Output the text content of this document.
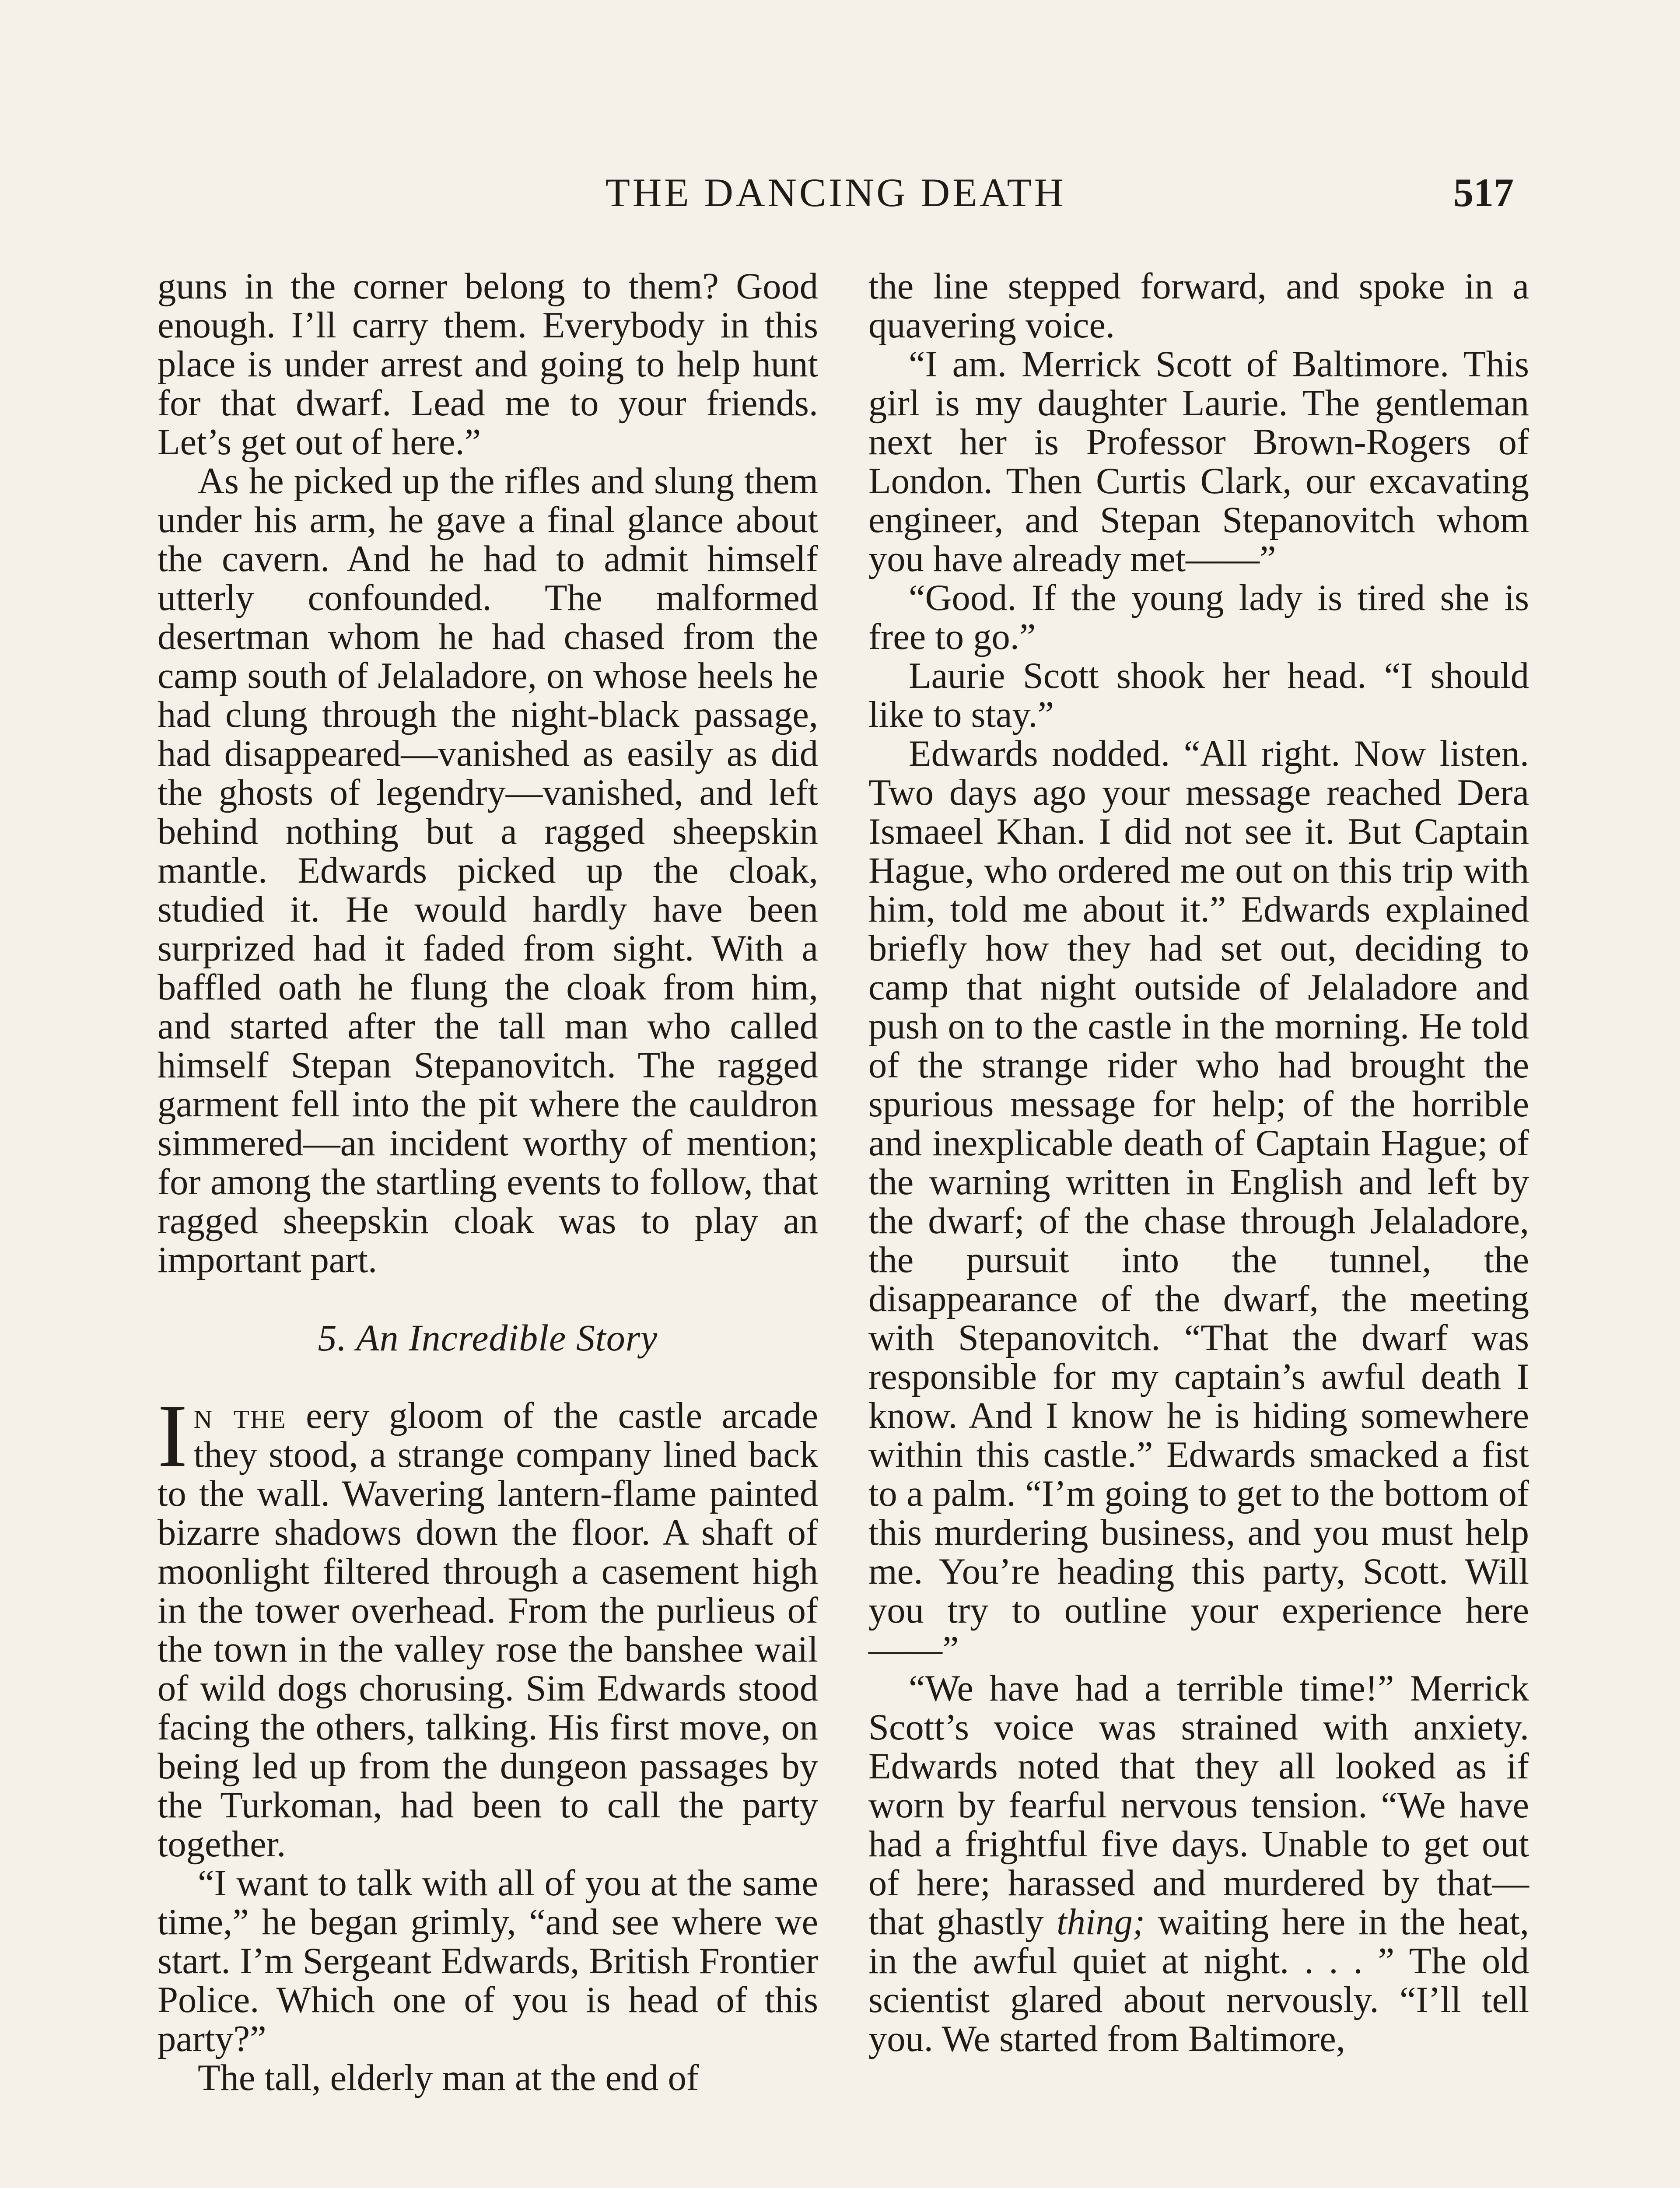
THE DANCING DEATH	517

guns in the corner belong to them? Good enough. I’ll carry them. Everybody in this place is under arrest and going to help hunt for that dwarf. Lead me to your friends. Let’s get out of here.”

As he picked up the rifles and slung them under his arm, he gave a final glance about the cavern. And he had to admit himself utterly confounded. The malformed desertman whom he had chased from the camp south of Jelaladore, on whose heels he had clung through the night-black passage, had disappeared—vanished as easily as did the ghosts of legendry—vanished, and left behind nothing but a ragged sheepskin mantle. Edwards picked up the cloak, studied it. He would hardly have been surprized had it faded from sight. With a baffled oath he flung the cloak from him, and started after the tall man who called himself Stepan Stepanovitch. The ragged garment fell into the pit where the cauldron simmered—an incident worthy of mention; for among the startling events to follow, that ragged sheepskin cloak was to play an important part.

5. An Incredible Story

In the eery gloom of the castle arcade they stood, a strange company lined back to the wall. Wavering lantern-flame painted bizarre shadows down the floor. A shaft of moonlight filtered through a casement high in the tower overhead. From the purlieus of the town in the valley rose the banshee wail of wild dogs chorusing. Sim Edwards stood facing the others, talking. His first move, on being led up from the dungeon passages by the Turkoman, had been to call the party together.

“I want to talk with all of you at the same time,” he began grimly, “and see where we start. I’m Sergeant Edwards, British Frontier Police. Which one of you is head of this party?”

The tall, elderly man at the end of

the line stepped forward, and spoke in a quavering voice.

“I am. Merrick Scott of Baltimore. This girl is my daughter Laurie. The gentleman next her is Professor Brown-Rogers of London. Then Curtis Clark, our excavating engineer, and Stepan Stepanovitch whom you have already met——”

“Good. If the young lady is tired she is free to go.”

Laurie Scott shook her head. “I should like to stay.”

Edwards nodded. “All right. Now listen. Two days ago your message reached Dera Ismaeel Khan. I did not see it. But Captain Hague, who ordered me out on this trip with him, told me about it.” Edwards explained briefly how they had set out, deciding to camp that night outside of Jelaladore and push on to the castle in the morning. He told of the strange rider who had brought the spurious message for help; of the horrible and inexplicable death of Captain Hague; of the warning written in English and left by the dwarf; of the chase through Jelaladore, the pursuit into the tunnel, the disappearance of the dwarf, the meeting with Stepanovitch. “That the dwarf was responsible for my captain’s awful death I know. And I know he is hiding somewhere within this castle.” Edwards smacked a fist to a palm. “I’m going to get to the bottom of this murdering business, and you must help me. You’re heading this party, Scott. Will you try to outline your experience here——”

“We have had a terrible time!” Merrick Scott’s voice was strained with anxiety. Edwards noted that they all looked as if worn by fearful nervous tension. “We have had a frightful five days. Unable to get out of here; harassed and murdered by that—that ghastly thing; waiting here in the heat, in the awful quiet at night. . . . ” The old scientist glared about nervously. “I’ll tell you. We started from Baltimore,
